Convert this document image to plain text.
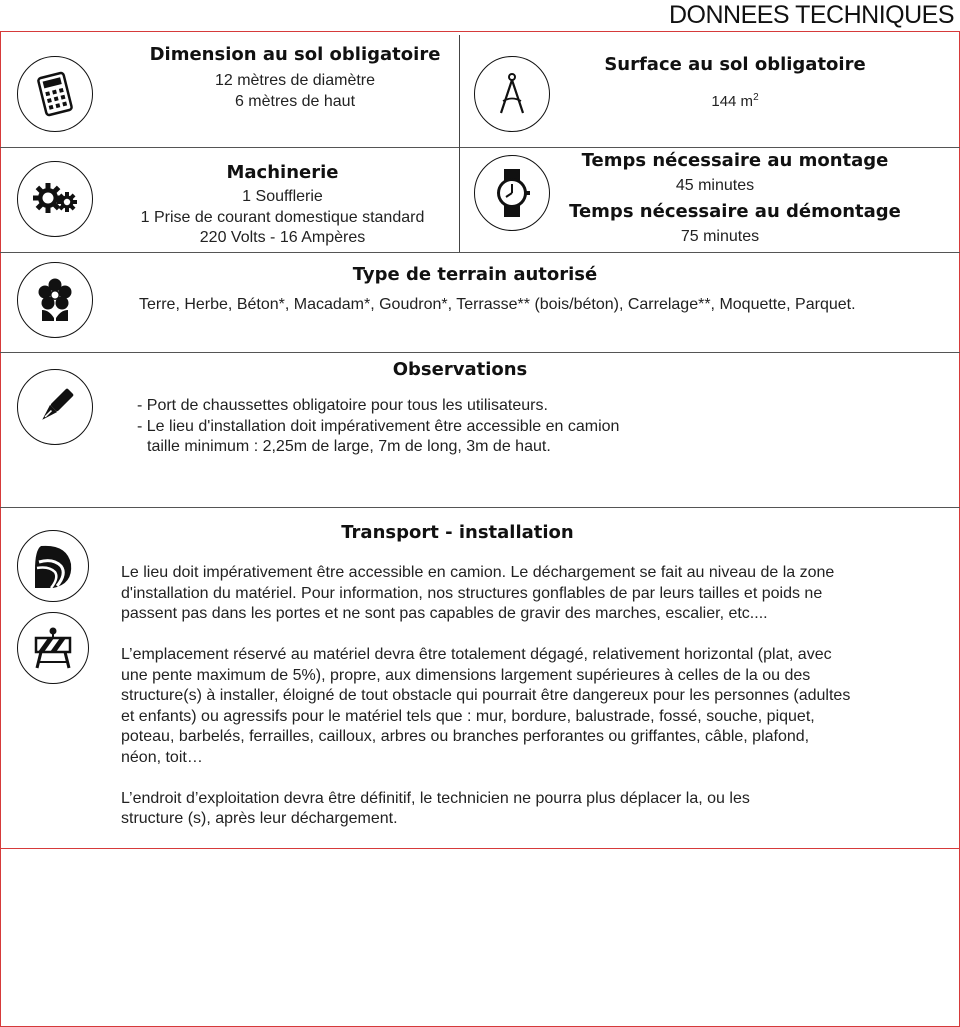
DONNEES TECHNIQUES
Dimension au sol obligatoire
12 mètres de diamètre
6 mètres de haut
Surface au sol obligatoire
144 $m^2$
Machinerie
1 Soufflerie
1 Prise de courant domestique standard
220 Volts - 16 Ampères
Temps nécessaire au montage
45 minutes
Temps nécessaire au démontage
75 minutes
Type de terrain autorisé
Terre, Herbe, Béton*, Macadam*, Goudron*, Terrasse** (bois/béton), Carrelage**, Moquette, Parquet.
Observations
- Port de chaussettes obligatoire pour tous les utilisateurs.
- Le lieu d'installation doit impérativement être accessible en camion
taille minimum : 2,25m de large, 7m de long, 3m de haut.
Transport - installation
Le lieu doit impérativement être accessible en camion. Le déchargement se fait au niveau de la zone
d'installation du matériel. Pour information, nos structures gonflables de par leurs tailles et poids ne
passent pas dans les portes et ne sont pas capables de gravir des marches, escalier, etc....
L’emplacement réservé au matériel devra être totalement dégagé, relativement horizontal (plat, avec
une pente maximum de 5%), propre, aux dimensions largement supérieures à celles de la ou des
structure(s) à installer, éloigné de tout obstacle qui pourrait être dangereux pour les personnes (adultes
et enfants) ou agressifs pour le matériel tels que : mur, bordure, balustrade, fossé, souche, piquet,
poteau, barbelés, ferrailles, cailloux, arbres ou branches perforantes ou griffantes, câble, plafond,
néon, toit…
L’endroit d’exploitation devra être définitif, le technicien ne pourra plus déplacer la, ou les
structure (s), après leur déchargement.
